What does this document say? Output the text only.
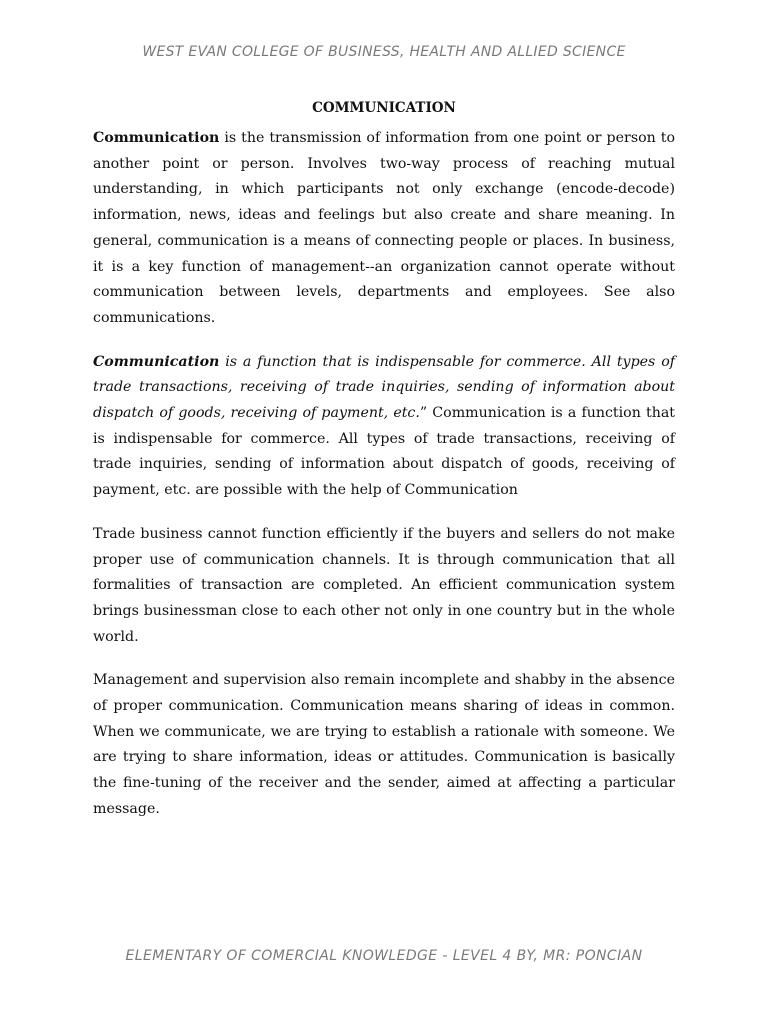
WEST EVAN COLLEGE OF BUSINESS, HEALTH AND ALLIED SCIENCE
COMMUNICATION

Communication is the transmission of information from one point or person to another point or person. Involves two-way process of reaching mutual understanding, in which participants not only exchange (encode-decode) information, news, ideas and feelings but also create and share meaning. In general, communication is a means of connecting people or places. In business, it is a key function of management--an organization cannot operate without communication between levels, departments and employees. See also communications.

Communication is a function that is indispensable for commerce. All types of trade transactions, receiving of trade inquiries, sending of information about dispatch of goods, receiving of payment, etc.” Communication is a function that is indispensable for commerce. All types of trade transactions, receiving of trade inquiries, sending of information about dispatch of goods, receiving of payment, etc. are possible with the help of Communication

Trade business cannot function efficiently if the buyers and sellers do not make proper use of communication channels. It is through communication that all formalities of transaction are completed. An efficient communication system brings businessman close to each other not only in one country but in the whole world.

Management and supervision also remain incomplete and shabby in the absence of proper communication. Communication means sharing of ideas in common. When we communicate, we are trying to establish a rationale with someone. We are trying to share information, ideas or attitudes. Communication is basically the fine-tuning of the receiver and the sender, aimed at affecting a particular message.

ELEMENTARY OF COMERCIAL KNOWLEDGE - LEVEL 4 BY, MR: PONCIAN
